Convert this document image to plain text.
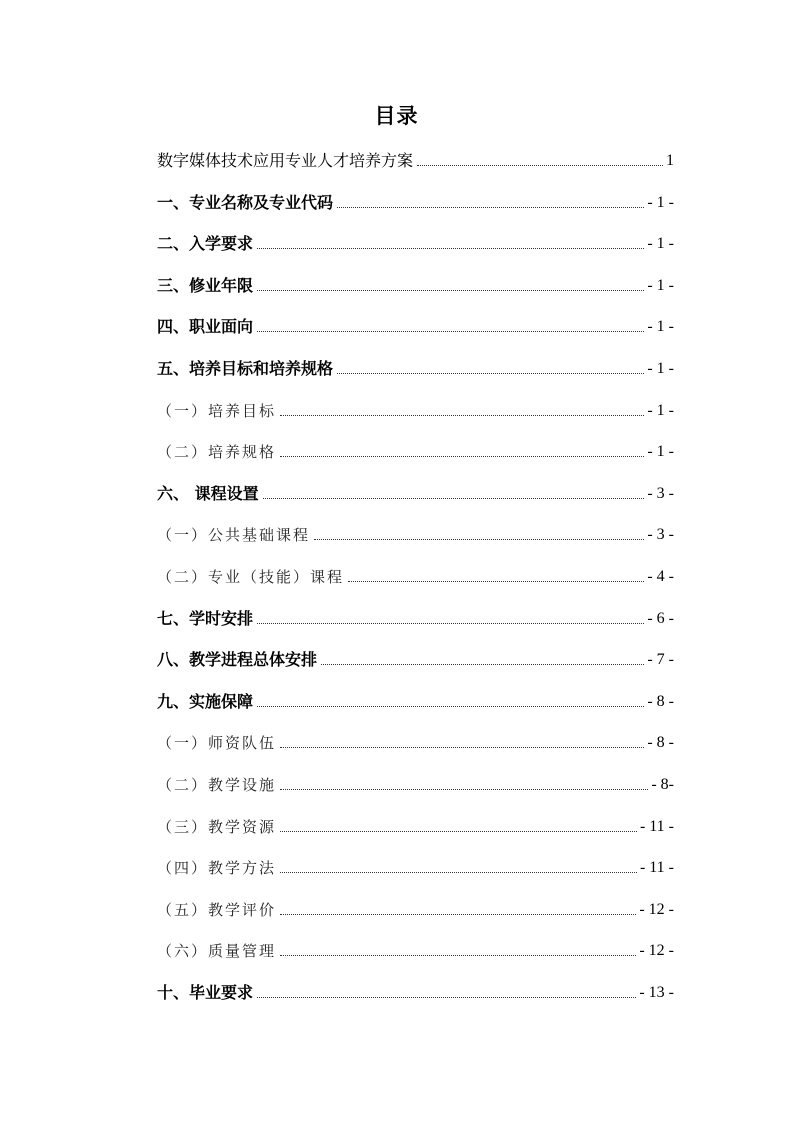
目录
数字媒体技术应用专业人才培养方案	1
一、专业名称及专业代码	- 1 -
二、入学要求	- 1 -
三、修业年限	- 1 -
四、职业面向	- 1 -
五、培养目标和培养规格	- 1 -
（一）培养目标	- 1 -
（二）培养规格	- 1 -
六、 课程设置	- 3 -
（一）公共基础课程	- 3 -
（二）专业（技能）课程	- 4 -
七、学时安排	- 6 -
八、教学进程总体安排	- 7 -
九、实施保障	- 8 -
（一）师资队伍	- 8 -
（二）教学设施	- 8-
（三）教学资源	- 11 -
（四）教学方法	- 11 -
（五）教学评价	- 12 -
（六）质量管理	- 12 -
十、毕业要求	- 13 -
